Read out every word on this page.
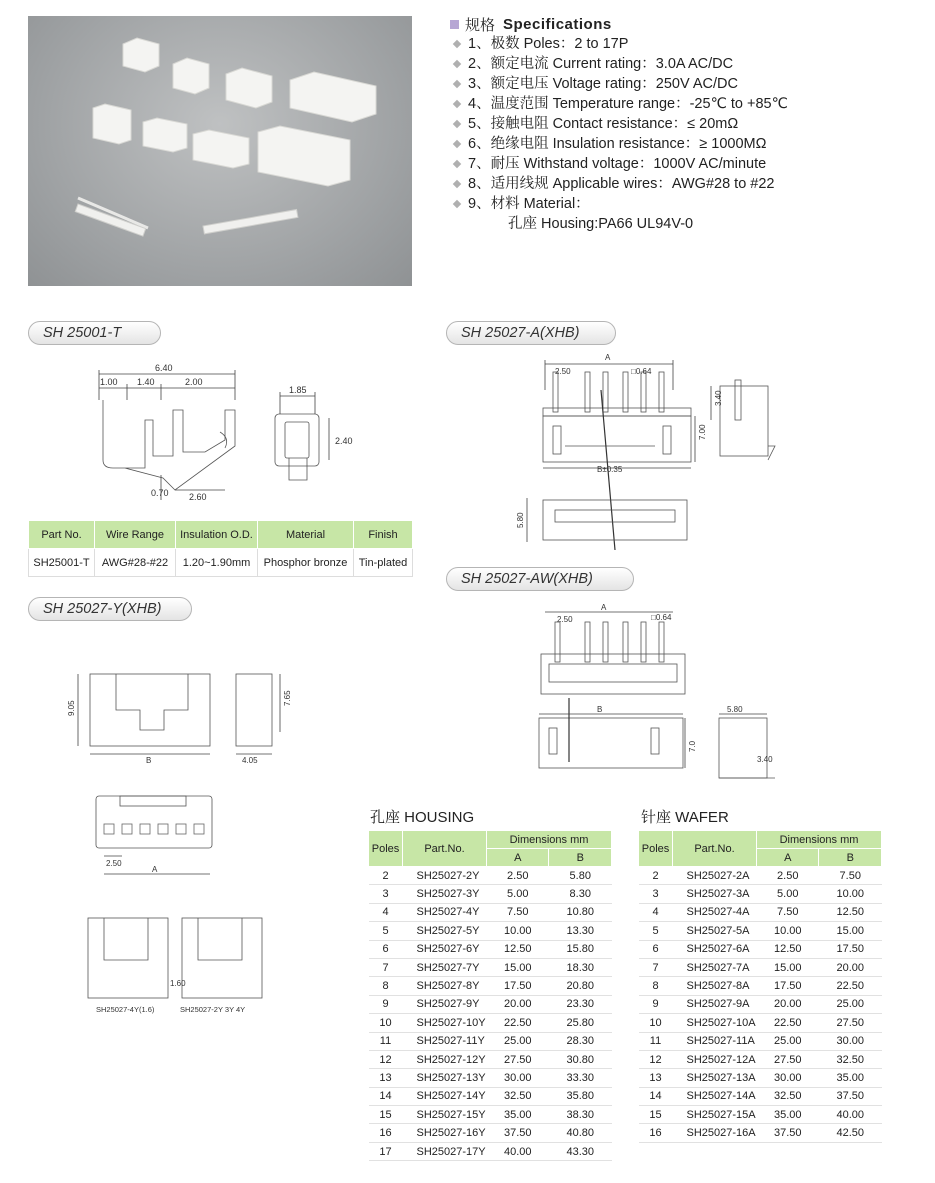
规格 Specifications
1、极数 Poles：2 to 17P
2、额定电流 Current rating：3.0A AC/DC
3、额定电压 Voltage rating：250V AC/DC
4、温度范围 Temperature range：-25℃ to +85℃
5、接触电阻 Contact resistance：≤ 20mΩ
6、绝缘电阻 Insulation resistance：≥ 1000MΩ
7、耐压 Withstand voltage：1000V AC/minute
8、适用线规 Applicable wires：AWG#28 to #22
9、材料 Material：
孔座 Housing:PA66 UL94V-0
SH 25001-T	SH 25027-A(XHB)
SH 25027-AW(XHB)
SH 25027-Y(XHB)
6.40
1.00 1.40	2.00
1.85
2.40
0.70 2.60
Part No.	Wire Range	Insulation O.D.	Material	Finish
SH25001-T	AWG#28-#22	1.20~1.90mm	Phosphor bronze	Tin-plated
A
2.50	□0.64
B±0.35
7.00
3.40
5.80
A
2.50	□0.64
B
7.0
5.80
3.40
9.05
B
7.65
4.05
2.50
A
1.60
SH25027-4Y(1.6)	SH25027-2Y 3Y 4Y
孔座 HOUSING
Poles	Part.No.	Dimensions mm	
		A	B
2	SH25027-2Y	2.50	5.80
3	SH25027-3Y	5.00	8.30
4	SH25027-4Y	7.50	10.80
5	SH25027-5Y	10.00	13.30
6	SH25027-6Y	12.50	15.80
7	SH25027-7Y	15.00	18.30
8	SH25027-8Y	17.50	20.80
9	SH25027-9Y	20.00	23.30
10	SH25027-10Y	22.50	25.80
11	SH25027-11Y	25.00	28.30
12	SH25027-12Y	27.50	30.80
13	SH25027-13Y	30.00	33.30
14	SH25027-14Y	32.50	35.80
15	SH25027-15Y	35.00	38.30
16	SH25027-16Y	37.50	40.80
17	SH25027-17Y	40.00	43.30
针座 WAFER
Poles	Part.No.	Dimensions mm	
		A	B
2	SH25027-2A	2.50	7.50
3	SH25027-3A	5.00	10.00
4	SH25027-4A	7.50	12.50
5	SH25027-5A	10.00	15.00
6	SH25027-6A	12.50	17.50
7	SH25027-7A	15.00	20.00
8	SH25027-8A	17.50	22.50
9	SH25027-9A	20.00	25.00
10	SH25027-10A	22.50	27.50
11	SH25027-11A	25.00	30.00
12	SH25027-12A	27.50	32.50
13	SH25027-13A	30.00	35.00
14	SH25027-14A	32.50	37.50
15	SH25027-15A	35.00	40.00
16	SH25027-16A	37.50	42.50
